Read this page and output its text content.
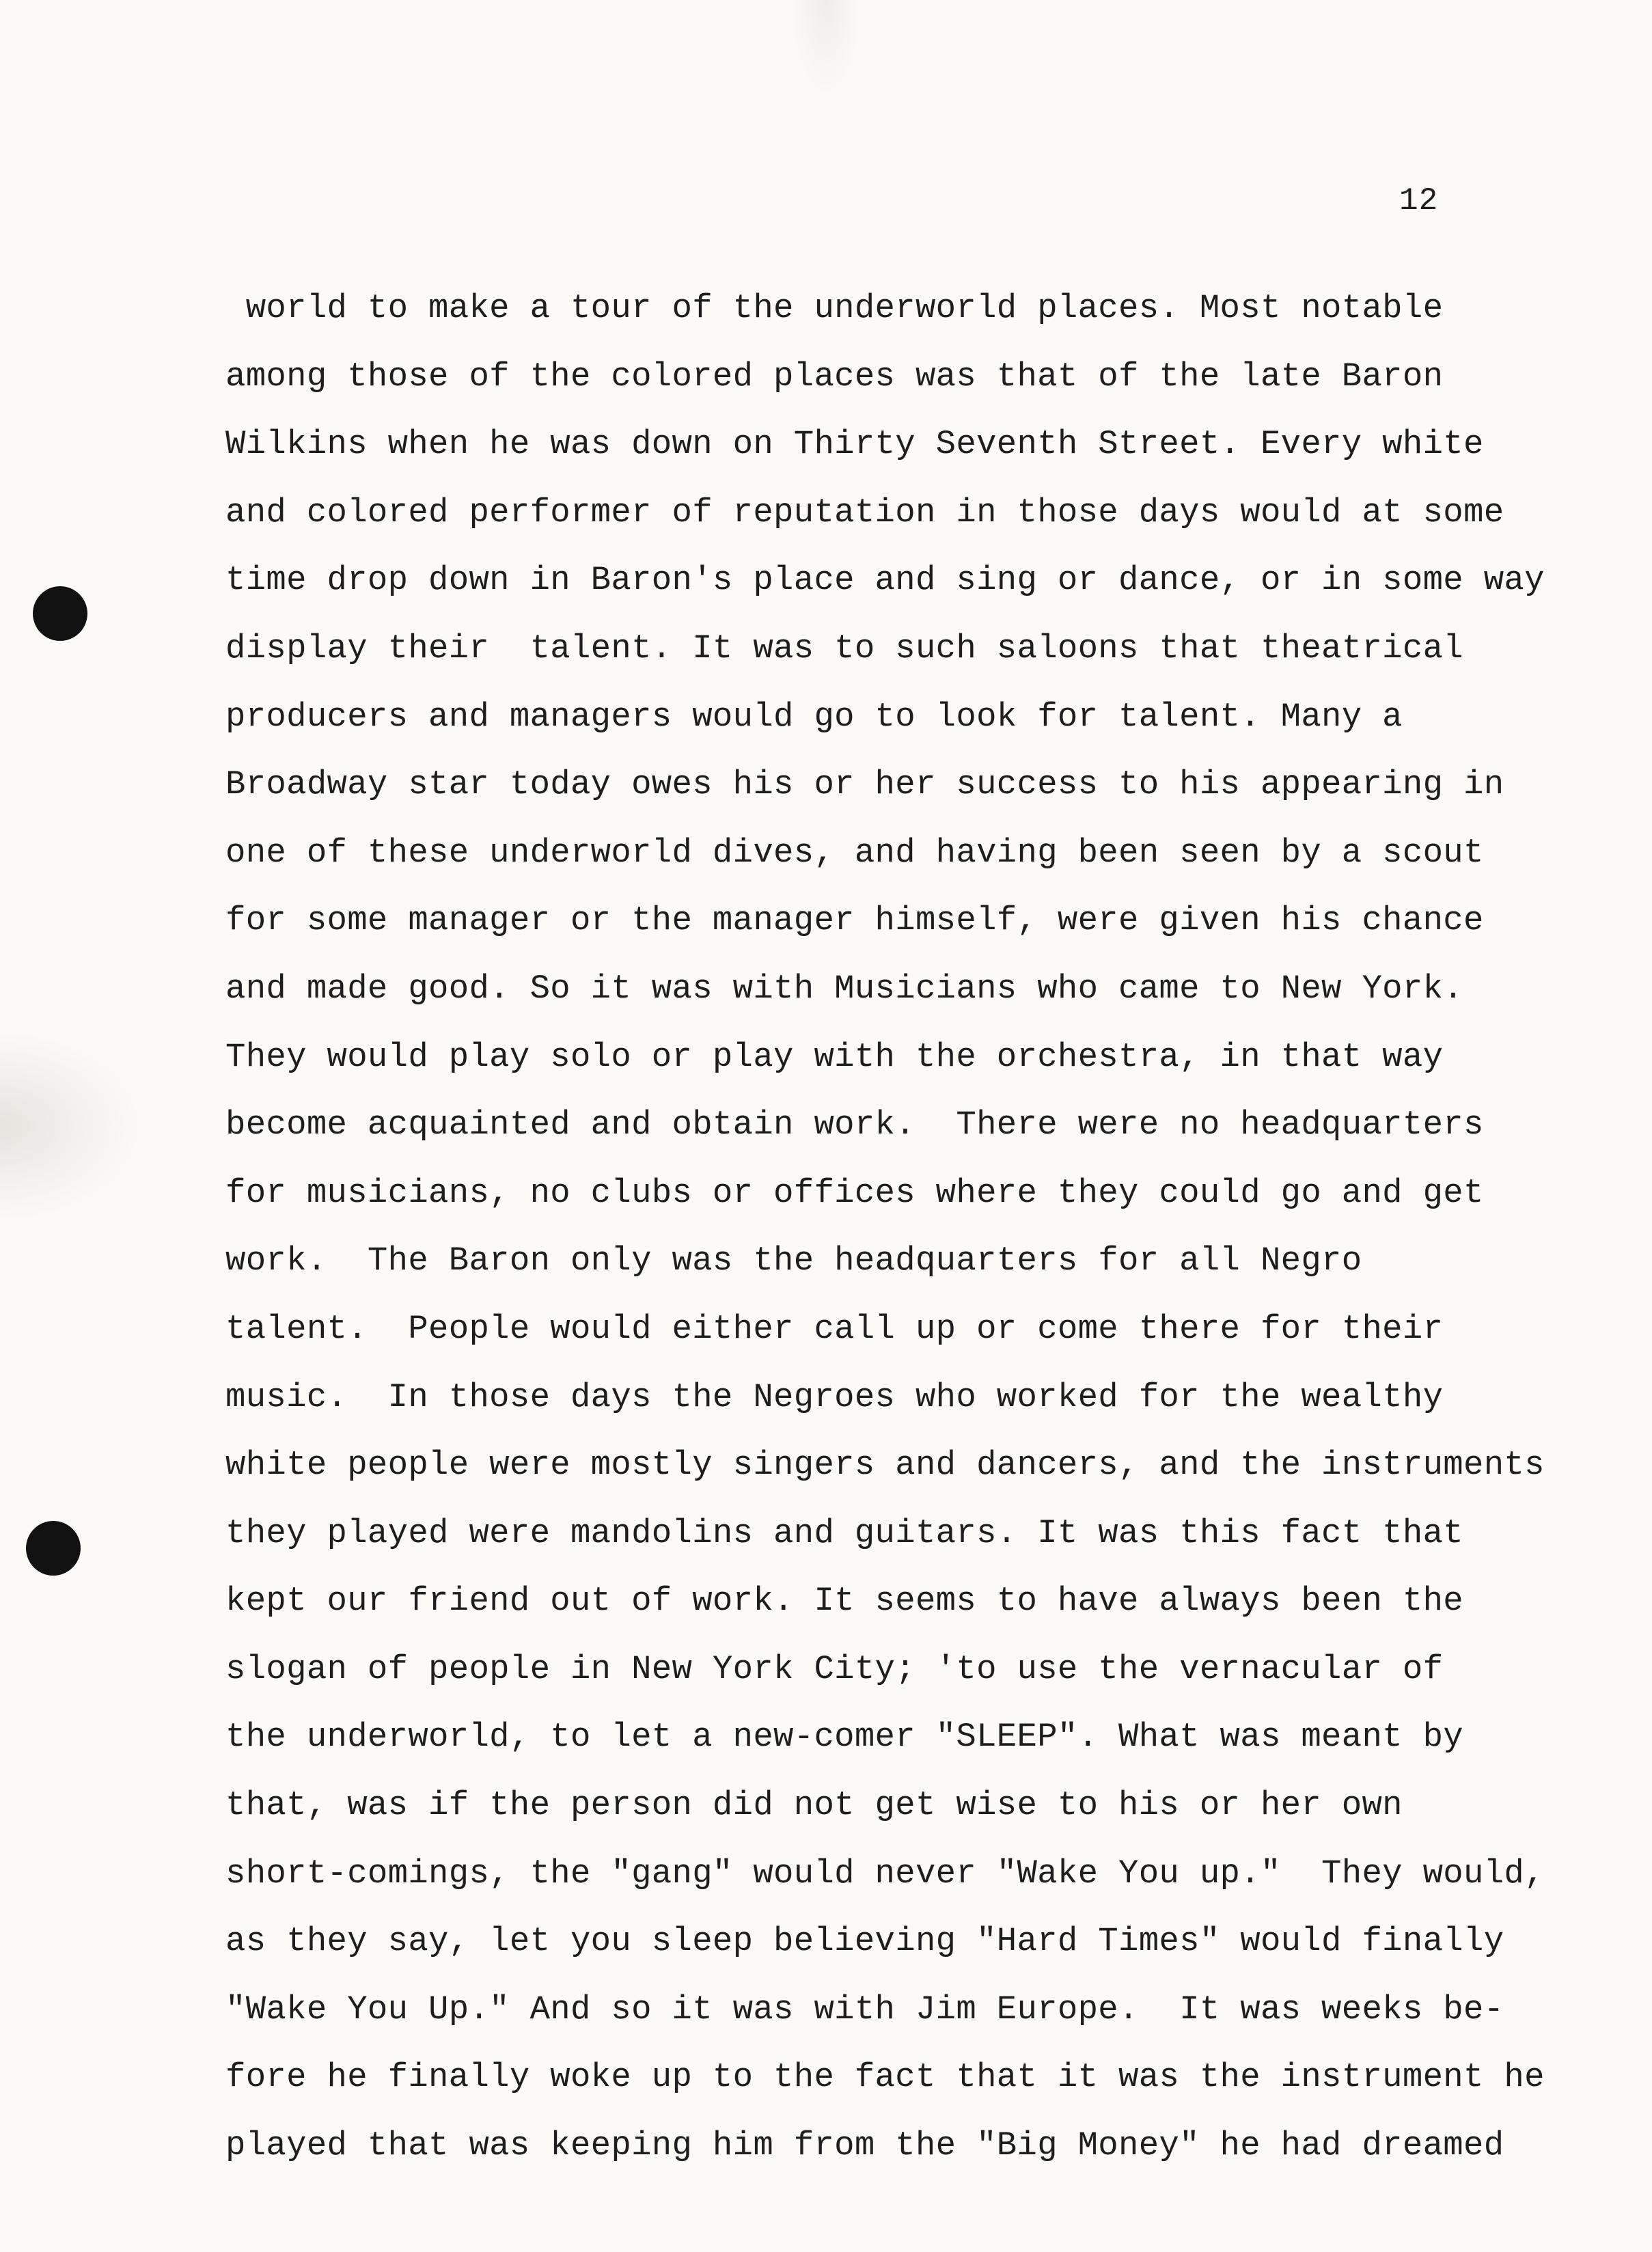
12
world to make a tour of the underworld places. Most notable
among those of the colored places was that of the late Baron
Wilkins when he was down on Thirty Seventh Street. Every white
and colored performer of reputation in those days would at some
time drop down in Baron's place and sing or dance, or in some way
display their  talent. It was to such saloons that theatrical
producers and managers would go to look for talent. Many a
Broadway star today owes his or her success to his appearing in
one of these underworld dives, and having been seen by a scout
for some manager or the manager himself, were given his chance
and made good. So it was with Musicians who came to New York.
They would play solo or play with the orchestra, in that way
become acquainted and obtain work.  There were no headquarters
for musicians, no clubs or offices where they could go and get
work.  The Baron only was the headquarters for all Negro
talent.  People would either call up or come there for their
music.  In those days the Negroes who worked for the wealthy
white people were mostly singers and dancers, and the instruments
they played were mandolins and guitars. It was this fact that
kept our friend out of work. It seems to have always been the
slogan of people in New York City; 'to use the vernacular of
the underworld, to let a new-comer "SLEEP". What was meant by
that, was if the person did not get wise to his or her own
short-comings, the "gang" would never "Wake You up."  They would,
as they say, let you sleep believing "Hard Times" would finally
"Wake You Up." And so it was with Jim Europe.  It was weeks be-
fore he finally woke up to the fact that it was the instrument he
played that was keeping him from the "Big Money" he had dreamed
